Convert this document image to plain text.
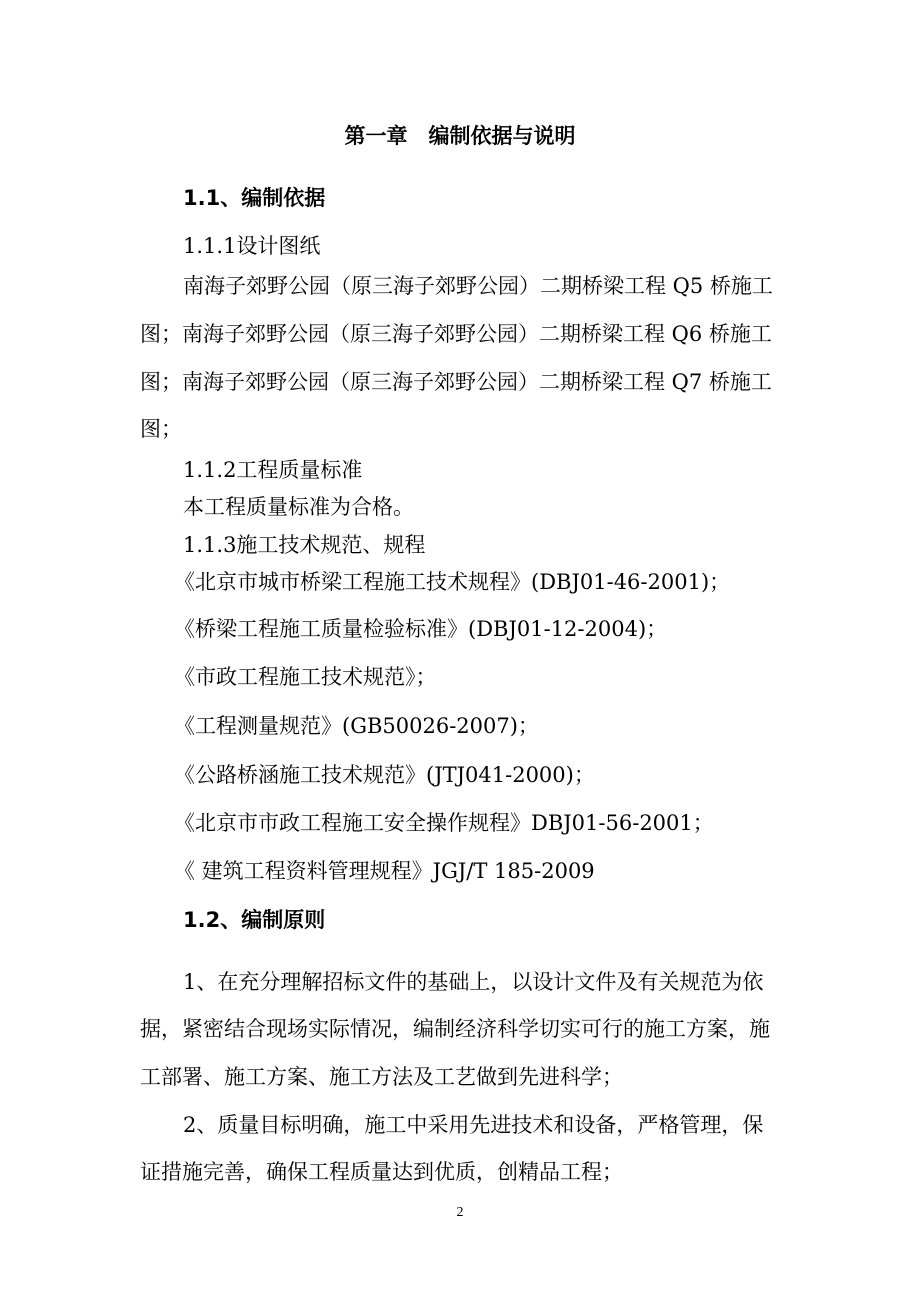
第一章　编制依据与说明
1.1、编制依据
1.1.1设计图纸
南海子郊野公园（原三海子郊野公园）二期桥梁工程 Q5 桥施工
图；南海子郊野公园（原三海子郊野公园）二期桥梁工程 Q6 桥施工
图；南海子郊野公园（原三海子郊野公园）二期桥梁工程 Q7 桥施工
图；
1.1.2工程质量标准
本工程质量标准为合格。
1.1.3施工技术规范、规程
《北京市城市桥梁工程施工技术规程》(DBJ01-46-2001)；
《桥梁工程施工质量检验标准》(DBJ01-12-2004)；
《市政工程施工技术规范》；
《工程测量规范》(GB50026-2007)；
《公路桥涵施工技术规范》(JTJ041-2000)；
《北京市市政工程施工安全操作规程》DBJ01-56-2001；
《 建筑工程资料管理规程》JGJ/T 185-2009
1.2、编制原则
1、在充分理解招标文件的基础上，以设计文件及有关规范为依
据，紧密结合现场实际情况，编制经济科学切实可行的施工方案，施
工部署、施工方案、施工方法及工艺做到先进科学；
2、质量目标明确，施工中采用先进技术和设备，严格管理，保
证措施完善，确保工程质量达到优质，创精品工程；
2
